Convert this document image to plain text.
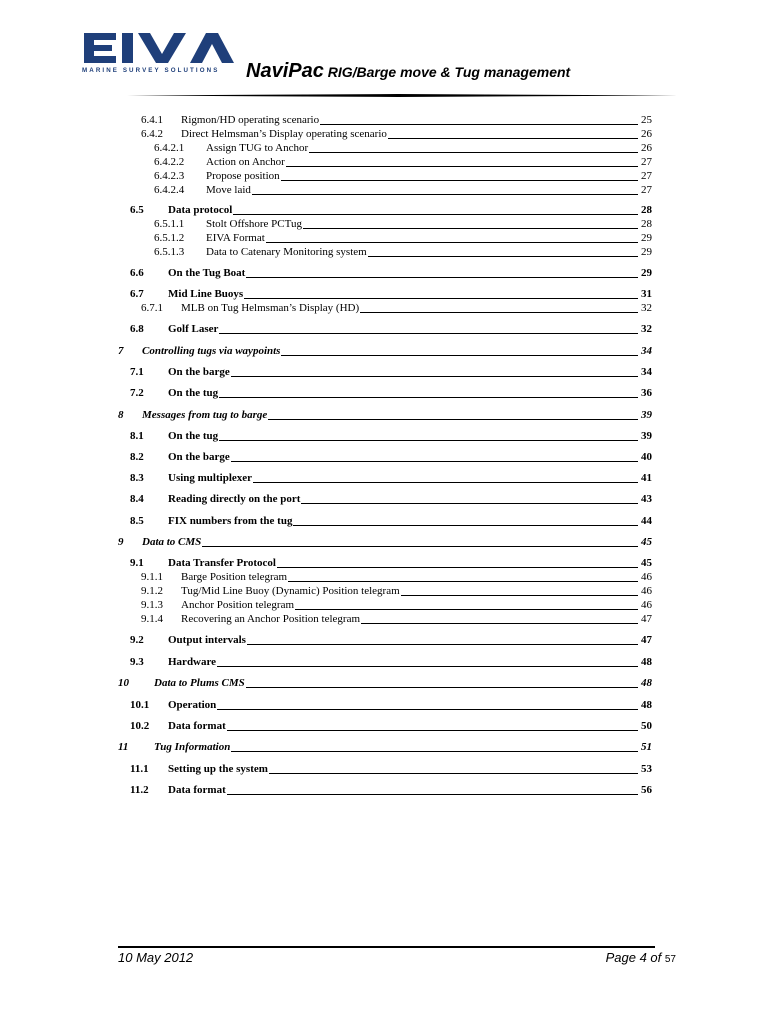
MARINE SURVEY SOLUTIONS	NaviPac RIG/Barge move & Tug management
6.4.1 Rigmon/HD operating scenario	25
6.4.2 Direct Helmsman’s Display operating scenario	26
6.4.2.1 Assign TUG to Anchor	26
6.4.2.2 Action on Anchor	27
6.4.2.3 Propose position	27
6.4.2.4 Move laid	27
6.5 Data protocol	28
6.5.1.1 Stolt Offshore PCTug	28
6.5.1.2 EIVA Format	29
6.5.1.3 Data to Catenary Monitoring system	29
6.6 On the Tug Boat	29
6.7 Mid Line Buoys	31
6.7.1 MLB on Tug Helmsman’s Display (HD)	32
6.8 Golf Laser	32
7 Controlling tugs via waypoints	34
7.1 On the barge	34
7.2 On the tug	36
8 Messages from tug to barge	39
8.1 On the tug	39
8.2 On the barge	40
8.3 Using multiplexer	41
8.4 Reading directly on the port	43
8.5 FIX numbers from the tug	44
9 Data to CMS	45
9.1 Data Transfer Protocol	45
9.1.1 Barge Position telegram	46
9.1.2 Tug/Mid Line Buoy (Dynamic) Position telegram	46
9.1.3 Anchor Position telegram	46
9.1.4 Recovering an Anchor Position telegram	47
9.2 Output intervals	47
9.3 Hardware	48
10 Data to Plums CMS	48
10.1 Operation	48
10.2 Data format	50
11 Tug Information	51
11.1 Setting up the system	53
11.2 Data format	56
10 May 2012	Page 4 of 57
